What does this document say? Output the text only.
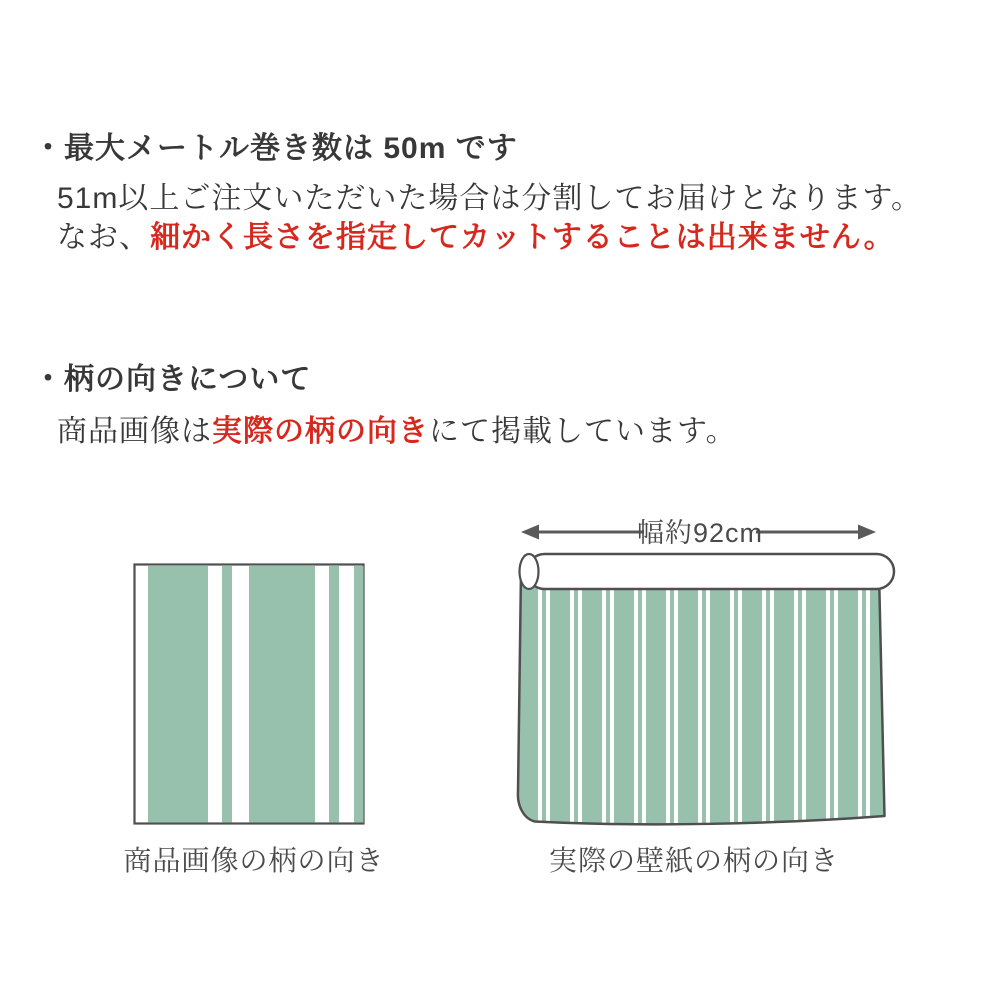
・最大メートル巻き数は 50m です
51m以上ご注文いただいた場合は分割してお届けとなります。
なお、細かく長さを指定してカットすることは出来ません。
・柄の向きについて
商品画像は実際の柄の向きにて掲載しています。
商品画像の柄の向き
幅約92cm
実際の壁紙の柄の向き
